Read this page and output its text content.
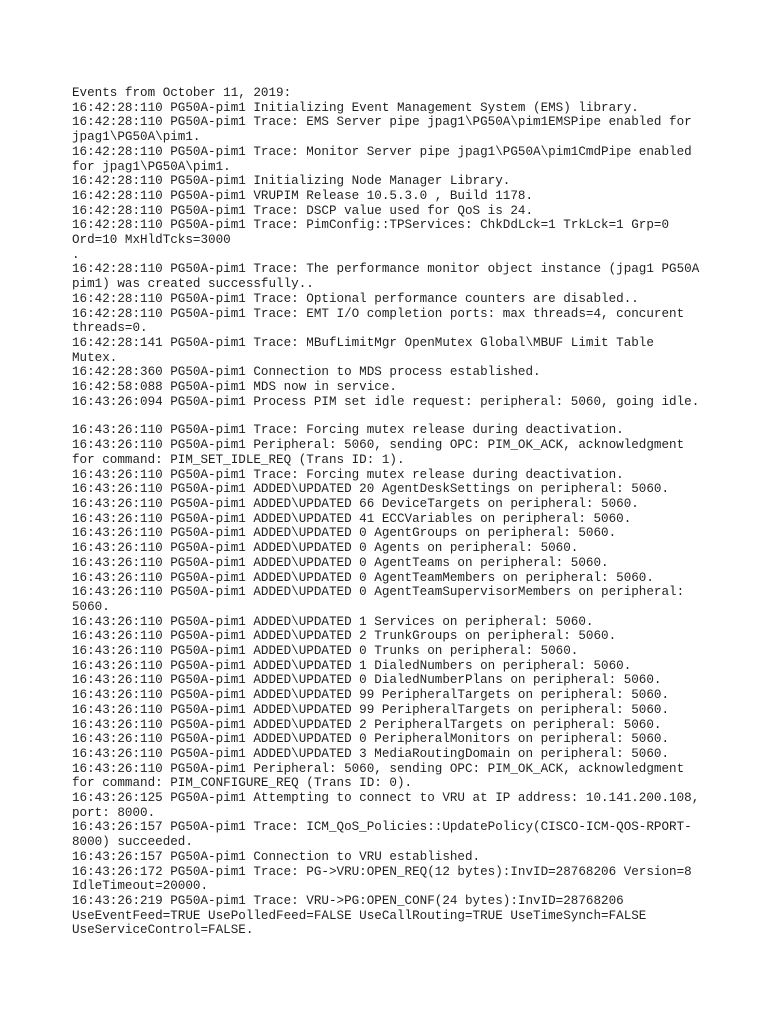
Events from October 11, 2019:
16:42:28:110 PG50A-pim1 Initializing Event Management System (EMS) library.
16:42:28:110 PG50A-pim1 Trace: EMS Server pipe jpag1\PG50A\pim1EMSPipe enabled for
jpag1\PG50A\pim1.
16:42:28:110 PG50A-pim1 Trace: Monitor Server pipe jpag1\PG50A\pim1CmdPipe enabled
for jpag1\PG50A\pim1.
16:42:28:110 PG50A-pim1 Initializing Node Manager Library.
16:42:28:110 PG50A-pim1 VRUPIM Release 10.5.3.0 , Build 1178.
16:42:28:110 PG50A-pim1 Trace: DSCP value used for QoS is 24.
16:42:28:110 PG50A-pim1 Trace: PimConfig::TPServices: ChkDdLck=1 TrkLck=1 Grp=0
Ord=10 MxHldTcks=3000
.
16:42:28:110 PG50A-pim1 Trace: The performance monitor object instance (jpag1 PG50A
pim1) was created successfully..
16:42:28:110 PG50A-pim1 Trace: Optional performance counters are disabled..
16:42:28:110 PG50A-pim1 Trace: EMT I/O completion ports: max threads=4, concurent
threads=0.
16:42:28:141 PG50A-pim1 Trace: MBufLimitMgr OpenMutex Global\MBUF Limit Table
Mutex.
16:42:28:360 PG50A-pim1 Connection to MDS process established.
16:42:58:088 PG50A-pim1 MDS now in service.
16:43:26:094 PG50A-pim1 Process PIM set idle request: peripheral: 5060, going idle.
16:43:26:110 PG50A-pim1 Trace: Forcing mutex release during deactivation.
16:43:26:110 PG50A-pim1 Peripheral: 5060, sending OPC: PIM_OK_ACK, acknowledgment
for command: PIM_SET_IDLE_REQ (Trans ID: 1).
16:43:26:110 PG50A-pim1 Trace: Forcing mutex release during deactivation.
16:43:26:110 PG50A-pim1 ADDED\UPDATED 20 AgentDeskSettings on peripheral: 5060.
16:43:26:110 PG50A-pim1 ADDED\UPDATED 66 DeviceTargets on peripheral: 5060.
16:43:26:110 PG50A-pim1 ADDED\UPDATED 41 ECCVariables on peripheral: 5060.
16:43:26:110 PG50A-pim1 ADDED\UPDATED 0 AgentGroups on peripheral: 5060.
16:43:26:110 PG50A-pim1 ADDED\UPDATED 0 Agents on peripheral: 5060.
16:43:26:110 PG50A-pim1 ADDED\UPDATED 0 AgentTeams on peripheral: 5060.
16:43:26:110 PG50A-pim1 ADDED\UPDATED 0 AgentTeamMembers on peripheral: 5060.
16:43:26:110 PG50A-pim1 ADDED\UPDATED 0 AgentTeamSupervisorMembers on peripheral:
5060.
16:43:26:110 PG50A-pim1 ADDED\UPDATED 1 Services on peripheral: 5060.
16:43:26:110 PG50A-pim1 ADDED\UPDATED 2 TrunkGroups on peripheral: 5060.
16:43:26:110 PG50A-pim1 ADDED\UPDATED 0 Trunks on peripheral: 5060.
16:43:26:110 PG50A-pim1 ADDED\UPDATED 1 DialedNumbers on peripheral: 5060.
16:43:26:110 PG50A-pim1 ADDED\UPDATED 0 DialedNumberPlans on peripheral: 5060.
16:43:26:110 PG50A-pim1 ADDED\UPDATED 99 PeripheralTargets on peripheral: 5060.
16:43:26:110 PG50A-pim1 ADDED\UPDATED 99 PeripheralTargets on peripheral: 5060.
16:43:26:110 PG50A-pim1 ADDED\UPDATED 2 PeripheralTargets on peripheral: 5060.
16:43:26:110 PG50A-pim1 ADDED\UPDATED 0 PeripheralMonitors on peripheral: 5060.
16:43:26:110 PG50A-pim1 ADDED\UPDATED 3 MediaRoutingDomain on peripheral: 5060.
16:43:26:110 PG50A-pim1 Peripheral: 5060, sending OPC: PIM_OK_ACK, acknowledgment
for command: PIM_CONFIGURE_REQ (Trans ID: 0).
16:43:26:125 PG50A-pim1 Attempting to connect to VRU at IP address: 10.141.200.108,
port: 8000.
16:43:26:157 PG50A-pim1 Trace: ICM_QoS_Policies::UpdatePolicy(CISCO-ICM-QOS-RPORT-
8000) succeeded.
16:43:26:157 PG50A-pim1 Connection to VRU established.
16:43:26:172 PG50A-pim1 Trace: PG->VRU:OPEN_REQ(12 bytes):InvID=28768206 Version=8
IdleTimeout=20000.
16:43:26:219 PG50A-pim1 Trace: VRU->PG:OPEN_CONF(24 bytes):InvID=28768206
UseEventFeed=TRUE UsePolledFeed=FALSE UseCallRouting=TRUE UseTimeSynch=FALSE
UseServiceControl=FALSE.
